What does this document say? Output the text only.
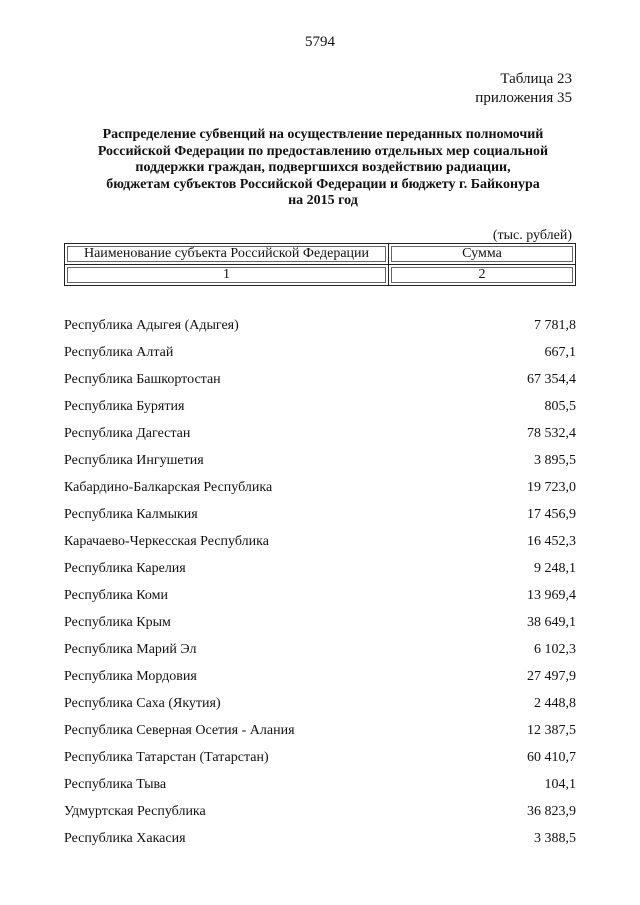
5794
Таблица 23
приложения 35
Распределение субвенций на осуществление переданных полномочий
Российской Федерации по предоставлению отдельных мер социальной
поддержки граждан, подвергшихся воздействию радиации,
бюджетам субъектов Российской Федерации и бюджету г. Байконура
на 2015 год
(тыс. рублей)
Наименование субъекта Российской Федерации	Сумма
1	2
Республика Адыгея (Адыгея)	7 781,8
Республика Алтай	667,1
Республика Башкортостан	67 354,4
Республика Бурятия	805,5
Республика Дагестан	78 532,4
Республика Ингушетия	3 895,5
Кабардино-Балкарская Республика	19 723,0
Республика Калмыкия	17 456,9
Карачаево-Черкесская Республика	16 452,3
Республика Карелия	9 248,1
Республика Коми	13 969,4
Республика Крым	38 649,1
Республика Марий Эл	6 102,3
Республика Мордовия	27 497,9
Республика Саха (Якутия)	2 448,8
Республика Северная Осетия - Алания	12 387,5
Республика Татарстан (Татарстан)	60 410,7
Республика Тыва	104,1
Удмуртская Республика	36 823,9
Республика Хакасия	3 388,5
